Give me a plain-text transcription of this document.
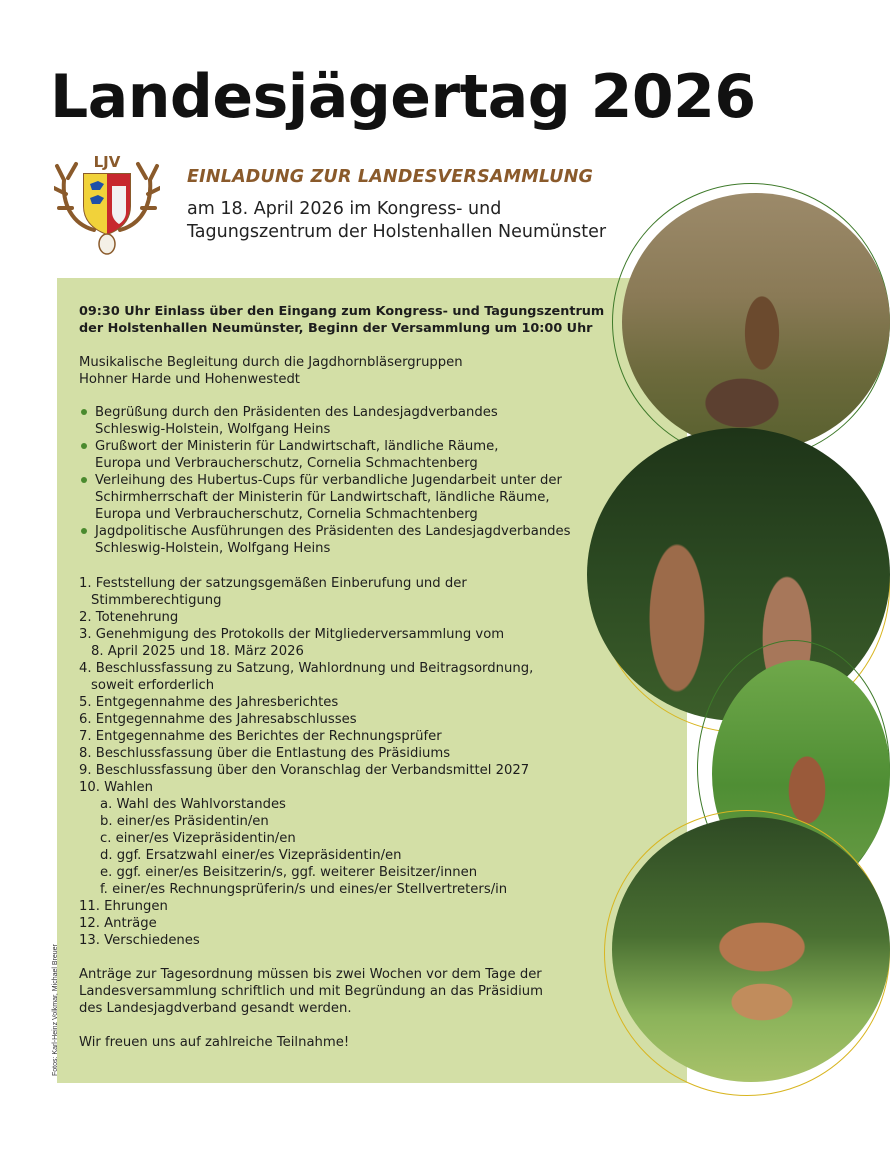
Landesjägertag 2026
LJV
EINLADUNG ZUR LANDESVERSAMMLUNG

am 18. April 2026 im Kongress- und
Tagungszentrum der Holstenhallen Neumünster

09:30 Uhr Einlass über den Eingang zum Kongress- und Tagungszentrum
der Holstenhallen Neumünster, Beginn der Versammlung um 10:00 Uhr

Musikalische Begleitung durch die Jagdhornbläsergruppen
Hohner Harde und Hohenwestedt

Begrüßung durch den Präsidenten des Landesjagdverbandes
Schleswig-Holstein, Wolfgang Heins
Grußwort der Ministerin für Landwirtschaft, ländliche Räume,
Europa und Verbraucherschutz, Cornelia Schmachtenberg
Verleihung des Hubertus-Cups für verbandliche Jugendarbeit unter der
Schirmherrschaft der Ministerin für Landwirtschaft, ländliche Räume,
Europa und Verbraucherschutz, Cornelia Schmachtenberg
Jagdpolitische Ausführungen des Präsidenten des Landesjagdverbandes
Schleswig-Holstein, Wolfgang Heins
1. Feststellung der satzungsgemäßen Einberufung und der
Stimmberechtigung
2. Totenehrung
3. Genehmigung des Protokolls der Mitgliederversammlung vom
8. April 2025 und 18. März 2026
4. Beschlussfassung zu Satzung, Wahlordnung und Beitragsordnung,
soweit erforderlich
5. Entgegennahme des Jahresberichtes
6. Entgegennahme des Jahresabschlusses
7. Entgegennahme des Berichtes der Rechnungsprüfer
8. Beschlussfassung über die Entlastung des Präsidiums
9. Beschlussfassung über den Voranschlag der Verbandsmittel 2027
10. Wahlen
a. Wahl des Wahlvorstandes
b. einer/es Präsidentin/en
c. einer/es Vizepräsidentin/en
d. ggf. Ersatzwahl einer/es Vizepräsidentin/en
e. ggf. einer/es Beisitzerin/s, ggf. weiterer Beisitzer/innen
f. einer/es Rechnungsprüferin/s und eines/er Stellvertreters/in
11. Ehrungen
12. Anträge
13. Verschiedenes

Anträge zur Tagesordnung müssen bis zwei Wochen vor dem Tage der
Landesversammlung schriftlich und mit Begründung an das Präsidium
des Landesjagdverband gesandt werden.

Wir freuen uns auf zahlreiche Teilnahme!

Fotos: Karl-Heinz Volkmar, Michael Breuer
